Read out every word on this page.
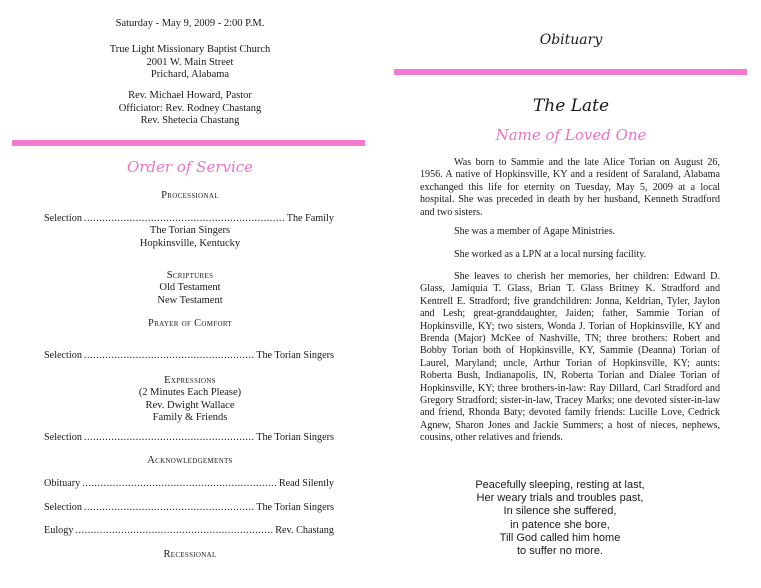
Saturday - May 9, 2009 - 2:00 P.M.
True Light Missionary Baptist Church
2001 W. Main Street
Prichard, Alabama
Rev. Michael Howard, Pastor
Officiator: Rev. Rodney Chastang
Rev. Shetecia Chastang
Order of Service
Processional
Selection .....	The Family
The Torian Singers
Hopkinsville, Kentucky
Scriptures
Old Testament
New Testament
Prayer of Comfort
Selection .....	The Torian Singers
Expressions
(2 Minutes Each Please)
Rev. Dwight Wallace
Family & Friends
Selection .....	The Torian Singers
Acknowledgements
Obituary .....	Read Silently
Selection .....	The Torian Singers
Eulogy .....	Rev. Chastang
Recessional
Obituary
The Late
Name of Loved One
Was born to Sammie and the late Alice Torian on August 26, 1956. A native of Hopkinsville, KY and a resident of Saraland, Alabama exchanged this life for eternity on Tuesday, May 5, 2009 at a local hospital. She was preceded in death by her husband, Kenneth Stradford and two sisters.
She was a member of Agape Ministries.
She worked as a LPN at a local nursing facility.
She leaves to cherish her memories, her children: Edward D. Glass, Jamiquia T. Glass, Brian T. Glass Britney K. Stradford and Kentrell E. Stradford; five grandchildren: Jonna, Keldrian, Tyler, Jaylon and Lesh; great-granddaughter, Jaiden; father, Sammie Torian of Hopkinsville, KY; two sisters, Wonda J. Torian of Hopkinsville, KY and Brenda (Major) McKee of Nashville, TN; three brothers: Robert and Bobby Torian both of Hopkinsville, KY, Sammie (Deanna) Torian of Laurel, Maryland; uncle, Arthur Torian of Hopkinsville, KY; aunts: Roberta Bush, Indianapolis, IN, Roberta Torian and Dialee Torian of Hopkinsville, KY; three brothers-in-law: Ray Dillard, Carl Stradford and Gregory Stradford; sister-in-law, Tracey Marks; one devoted sister-in-law and friend, Rhonda Baty; devoted family friends: Lucille Love, Cedrick Agnew, Sharon Jones and Jackie Summers; a host of nieces, nephews, cousins, other relatives and friends.
Peacefully sleeping, resting at last,
Her weary trials and troubles past,
In silence she suffered,
in patence she bore,
Till God called him home
to suffer no more.
